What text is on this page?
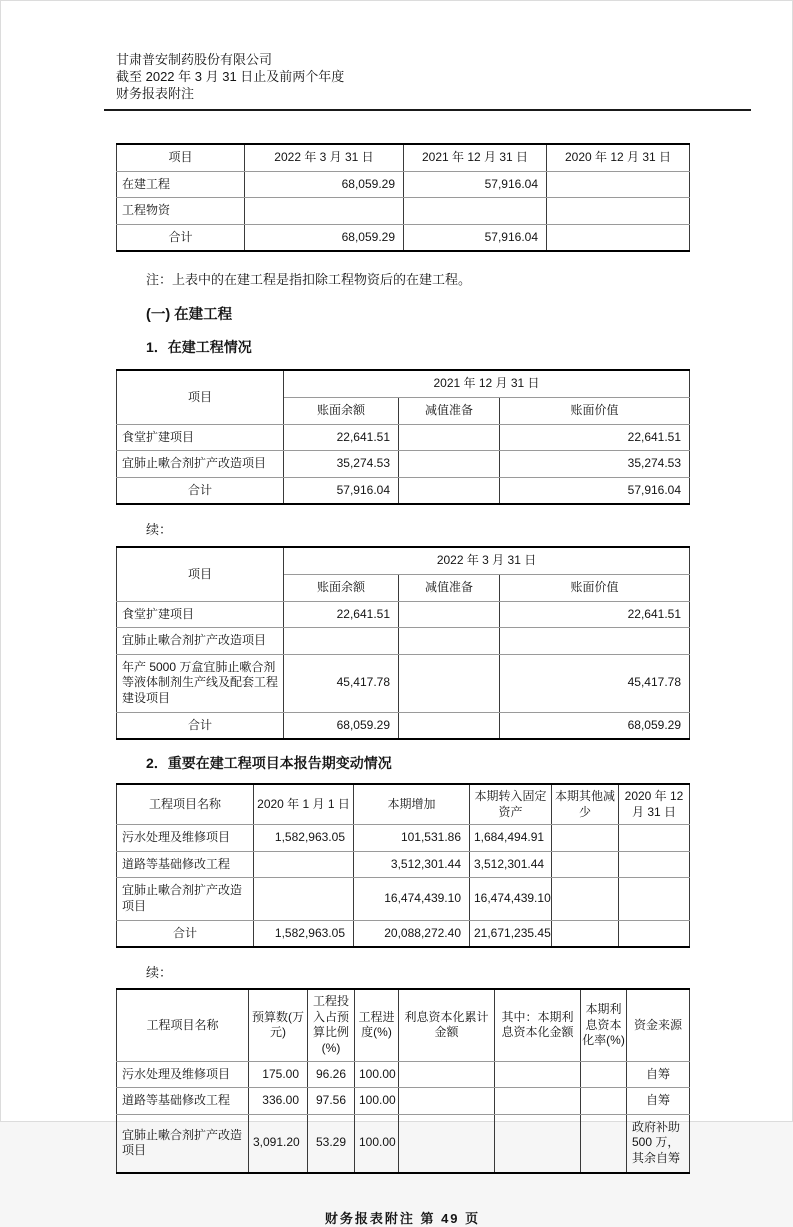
甘肃普安制药股份有限公司
截至 2022 年 3 月 31 日止及前两个年度
财务报表附注
项目	2022 年 3 月 31 日	2021 年 12 月 31 日	2020 年 12 月 31 日
在建工程	68,059.29	57,916.04	
工程物资			
合计	68,059.29	57,916.04	

注：上表中的在建工程是指扣除工程物资后的在建工程。

(一) 在建工程

1．在建工程情况

项目	2021 年 12 月 31 日		
	账面余额	减值准备	账面价值
食堂扩建项目	22,641.51		22,641.51
宜肺止嗽合剂扩产改造项目	35,274.53		35,274.53
合计	57,916.04		57,916.04

续：

项目	2022 年 3 月 31 日		
	账面余额	减值准备	账面价值
食堂扩建项目	22,641.51		22,641.51
宜肺止嗽合剂扩产改造项目			
年产 5000 万盒宜肺止嗽合剂等液体制剂生产线及配套工程建设项目	45,417.78		45,417.78
合计	68,059.29		68,059.29

2．重要在建工程项目本报告期变动情况

工程项目名称	2020 年 1 月 1 日	本期增加	本期转入固定资产	本期其他减少	2020 年 12 月 31 日
污水处理及维修项目	1,582,963.05	101,531.86	1,684,494.91		
道路等基础修改工程		3,512,301.44	3,512,301.44		
宜肺止嗽合剂扩产改造项目		16,474,439.10	16,474,439.10		
合计	1,582,963.05	20,088,272.40	21,671,235.45		

续：

工程项目名称	预算数(万元)	工程投入占预算比例(%)	工程进度(%)	利息资本化累计金额	其中：本期利息资本化金额	本期利息资本化率(%)	资金来源
污水处理及维修项目	175.00	96.26	100.00				自筹
道路等基础修改工程	336.00	97.56	100.00				自筹
宜肺止嗽合剂扩产改造项目	3,091.20	53.29	100.00				政府补助 500 万，其余自筹

财务报表附注 第 49 页
